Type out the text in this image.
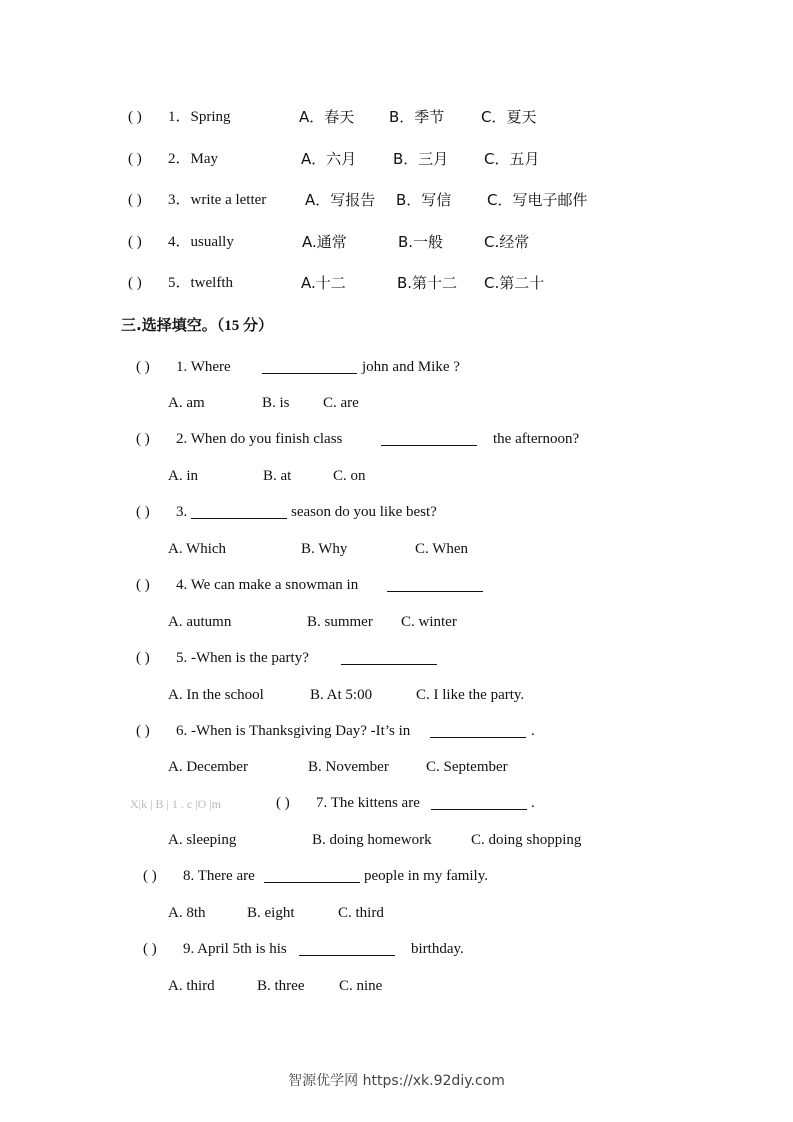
( ) 1．Spring	A．春天 B．季节 C．夏天
( ) 2．May	A．六月 B．三月 C．五月
( ) 3．write a letter	A．写报告 B．写信 C．写电子邮件
( ) 4．usually	A.通常	B.一般	C.经常
( ) 5．twelfth	A.十二	B.第十二 C.第二十
三.选择填空。（15 分）
( ) 1. Where	john and Mike ?
A. am	B. is C. are
( ) 2. When do you finish class	the afternoon?
A. in	B. at	C. on
( ) 3.	season do you like best?
A. Which	B. Why	C. When
( ) 4. We can make a snowman in
A. autumn	B. summer C. winter
( ) 5. -When is the party?
A. In the school	B. At 5:00	C. I like the party.
( ) 6. -When is Thanksgiving Day? -It’s in	.
A. December	B. November C. September
X|k | B | 1 . c |O |m	( ) 7. The kittens are	.
A. sleeping	B. doing homework	C. doing shopping
( ) 8. There are	people in my family.
A. 8th	B. eight	C. third
( ) 9. April 5th is his	birthday.
A. third	B. three C. nine
智源优学网 https://xk.92diy.com
